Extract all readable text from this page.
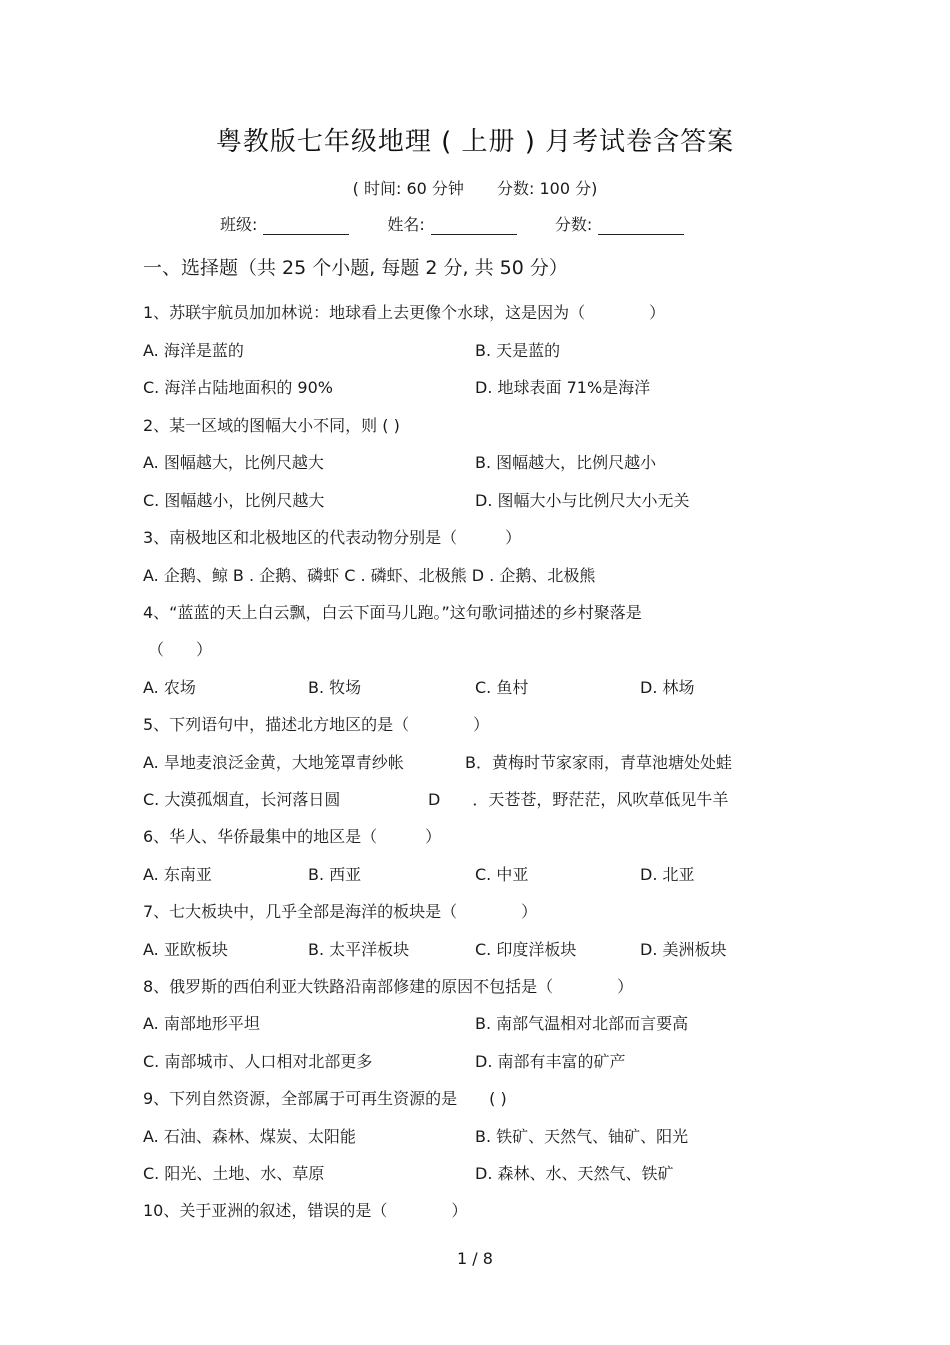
粤教版七年级地理 ( 上册 ) 月考试卷含答案
( 时间: 60 分钟 分数: 100 分)
班级:	姓名:	分数:
一、选择题（共 25 个小题, 每题 2 分, 共 50 分）
1、苏联宇航员加加林说：地球看上去更像个水球，这是因为（　　　　）
A. 海洋是蓝的	B. 天是蓝的
C. 海洋占陆地面积的 90%	D. 地球表面 71%是海洋
2、某一区域的图幅大小不同，则 ( )
A. 图幅越大，比例尺越大	B. 图幅越大，比例尺越小
C. 图幅越小，比例尺越大	D. 图幅大小与比例尺大小无关
3、南极地区和北极地区的代表动物分别是（　　　）
A. 企鹅、鲸 B . 企鹅、磷虾 C . 磷虾、北极熊 D . 企鹅、北极熊
4、“蓝蓝的天上白云飘，白云下面马儿跑。”这句歌词描述的乡村聚落是
（　　）
A. 农场	B. 牧场	C. 鱼村	D. 林场
5、下列语句中，描述北方地区的是（　　　　）
A. 旱地麦浪泛金黄，大地笼罩青纱帐	B．黄梅时节家家雨，青草池塘处处蛙
C. 大漠孤烟直，长河落日圆	D　　．天苍苍，野茫茫，风吹草低见牛羊
6、华人、华侨最集中的地区是（　　　）
A. 东南亚	B. 西亚	C. 中亚	D. 北亚
7、七大板块中，几乎全部是海洋的板块是（　　　　）
A. 亚欧板块	B. 太平洋板块	C. 印度洋板块	D. 美洲板块
8、俄罗斯的西伯利亚大铁路沿南部修建的原因不包括是（　　　　）
A. 南部地形平坦	B. 南部气温相对北部而言要高
C. 南部城市、人口相对北部更多	D. 南部有丰富的矿产
9、下列自然资源，全部属于可再生资源的是　　( )
A. 石油、森林、煤炭、太阳能	B. 铁矿、天然气、铀矿、阳光
C. 阳光、土地、水、草原	D. 森林、水、天然气、铁矿
10、关于亚洲的叙述，错误的是（　　　　）
1 / 8
